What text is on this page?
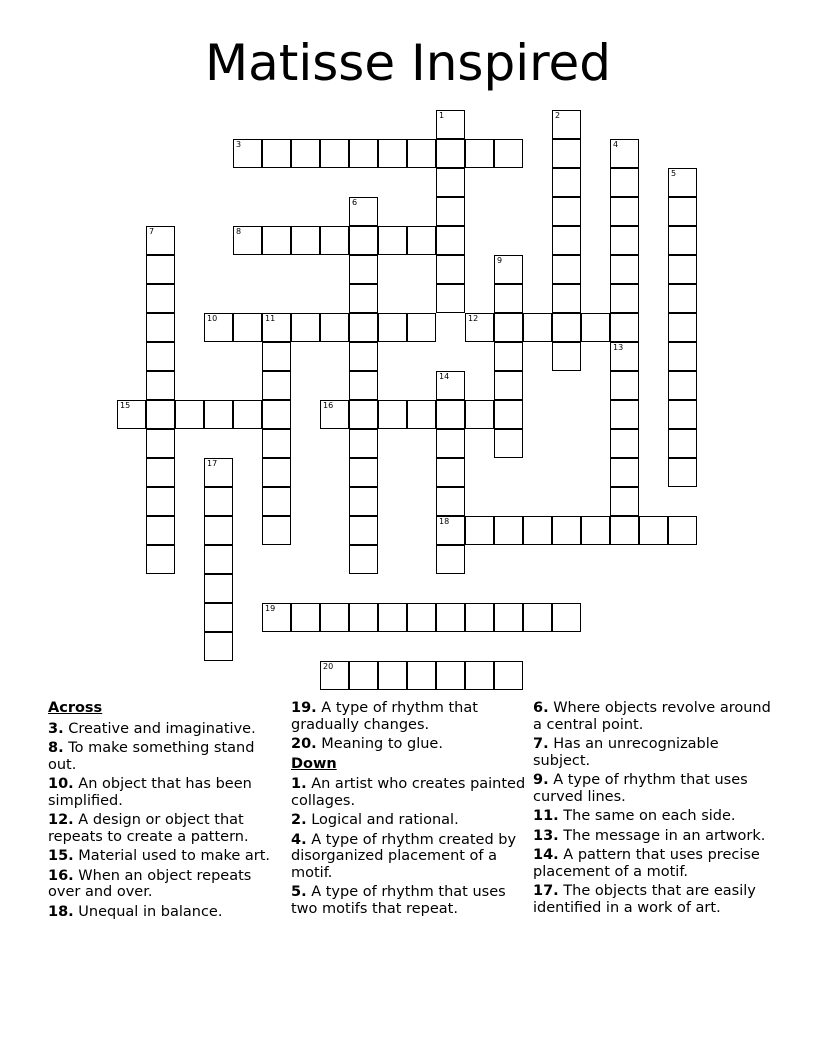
Matisse Inspired
1	2
3	4
5
6
7	8
9
10	11	12
13
14
18
15	16
17
19
20
Across
3. Creative and imaginative.
8. To make something stand out.
10. An object that has been simplified.
12. A design or object that repeats to create a pattern.
15. Material used to make art.
16. When an object repeats over and over.
18. Unequal in balance.
19. A type of rhythm that gradually changes.
20. Meaning to glue.
Down
1. An artist who creates painted collages.
2. Logical and rational.
4. A type of rhythm created by disorganized placement of a motif.
5. A type of rhythm that uses two motifs that repeat.
6. Where objects revolve around a central point.
7. Has an unrecognizable subject.
9. A type of rhythm that uses curved lines.
11. The same on each side.
13. The message in an artwork.
14. A pattern that uses precise placement of a motif.
17. The objects that are easily identified in a work of art.
